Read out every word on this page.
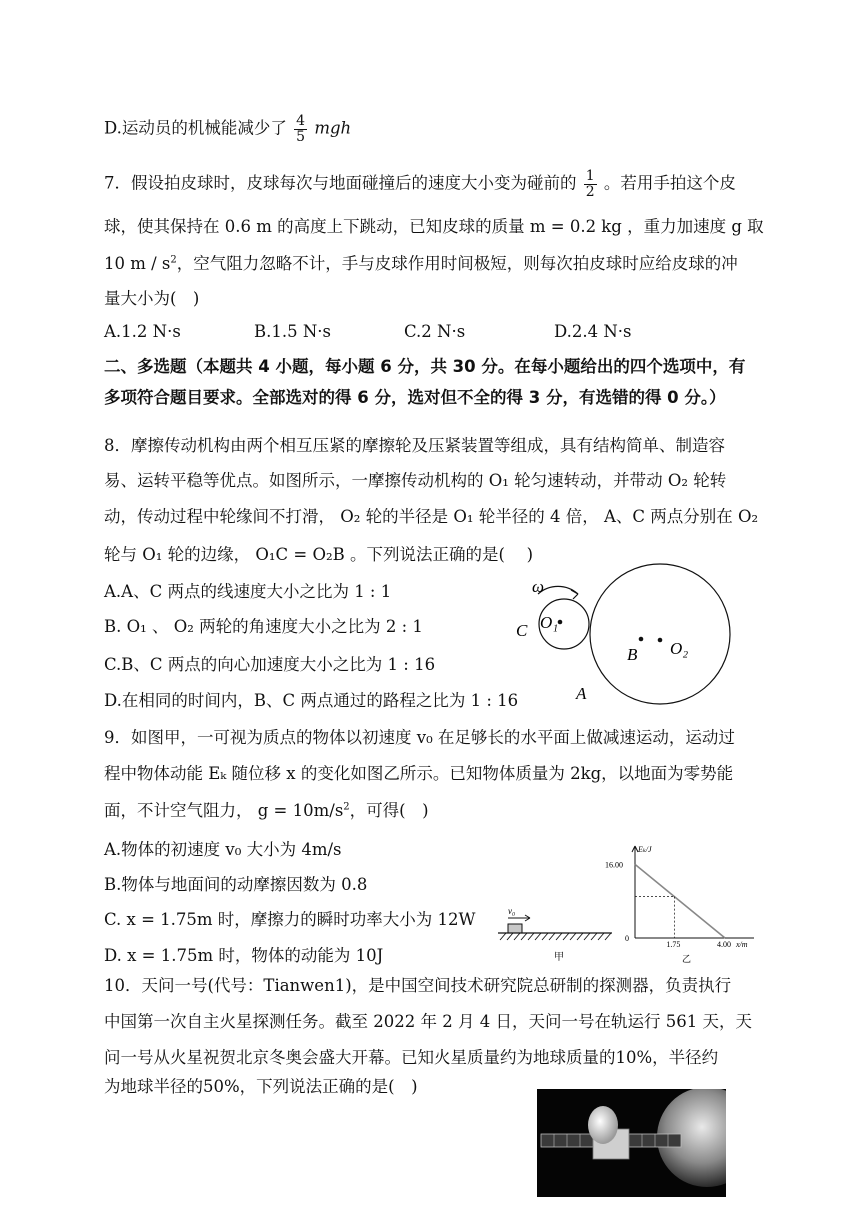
D.运动员的机械能减少了 $\frac{4}{5}$ mgh
7．假设拍皮球时，皮球每次与地面碰撞后的速度大小变为碰前的 $\frac{1}{2}$ 。若用手拍这个皮
球，使其保持在 0.6 m 的高度上下跳动，已知皮球的质量 m = 0.2 kg ，重力加速度 g 取
10 m / $s^2$，空气阻力忽略不计，手与皮球作用时间极短，则每次拍皮球时应给皮球的冲
量大小为(　)
A.1.2 N·s	B.1.5 N·s	C.2 N·s	D.2.4 N·s
二、多选题（本题共 4 小题，每小题 6 分，共 30 分。在每小题给出的四个选项中，有
多项符合题目要求。全部选对的得 6 分，选对但不全的得 3 分，有选错的得 0 分。）
8．摩擦传动机构由两个相互压紧的摩擦轮及压紧装置等组成，具有结构简单、制造容
易、运转平稳等优点。如图所示，一摩擦传动机构的 O₁ 轮匀速转动，并带动 O₂ 轮转
动，传动过程中轮缘间不打滑， O₂ 轮的半径是 O₁ 轮半径的 4 倍， A、C 两点分别在 O₂
轮与 O₁ 轮的边缘， O₁C = O₂B 。下列说法正确的是(　 )
A.A、C 两点的线速度大小之比为 1 : 1
B. O₁ 、 O₂ 两轮的角速度大小之比为 2 : 1
C.B、C 两点的向心加速度大小之比为 1 : 16
D.在相同的时间内，B、C 两点通过的路程之比为 1 : 16
ω
C O₁
B O₂
A
9．如图甲，一可视为质点的物体以初速度 v₀ 在足够长的水平面上做减速运动，运动过
程中物体动能 Eₖ 随位移 x 的变化如图乙所示。已知物体质量为 2kg，以地面为零势能
面，不计空气阻力， $g = 10m/s^2$，可得(　)
A.物体的初速度 v₀ 大小为 4m/s
B.物体与地面间的动摩擦因数为 0.8
C. x = 1.75m 时，摩擦力的瞬时功率大小为 12W
D. x = 1.75m 时，物体的动能为 10J
v₀
甲
Eₖ/J
x/m
0
16.00
1.75	4.00
乙
10．天问一号(代号：Tianwen1)，是中国空间技术研究院总研制的探测器，负责执行
中国第一次自主火星探测任务。截至 2022 年 2 月 4 日，天问一号在轨运行 561 天，天
问一号从火星祝贺北京冬奥会盛大开幕。已知火星质量约为地球质量的10%，半径约
为地球半径的50%，下列说法正确的是(　)
